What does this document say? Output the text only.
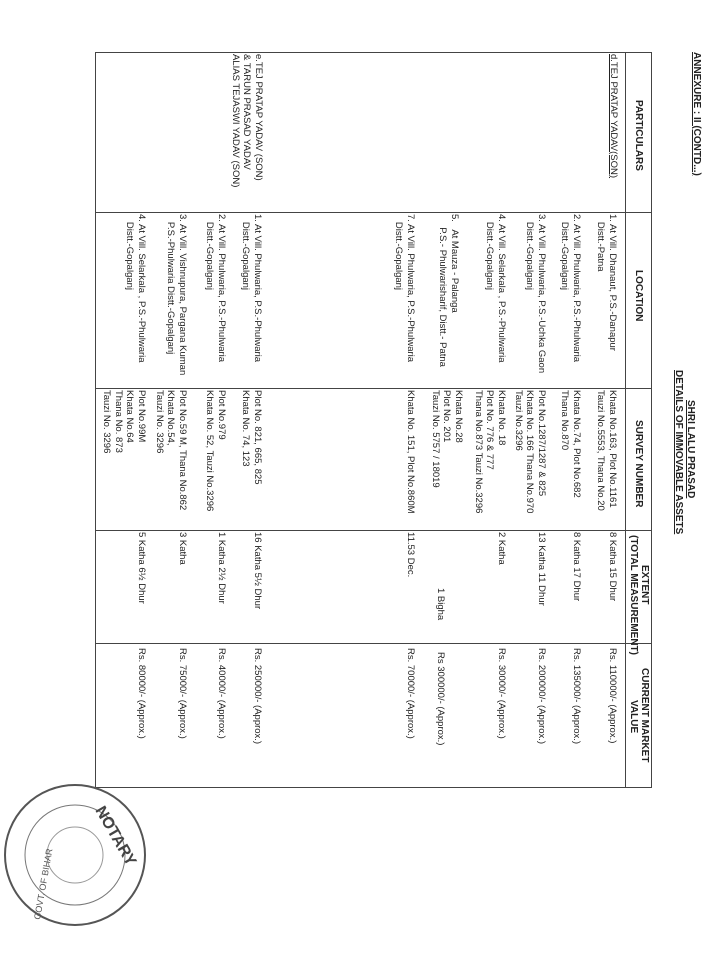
ANNEXURE : II (CONTD...)
SHRI LALU PRASAD
DETAILS OF IMMOVABLE ASSETS
PARTICULARS
LOCATION
SURVEY NUMBER
EXTENT
(TOTAL MEASUREMENT)
CURRENT MARKET
VALUE
d.TEJ PRATAP YADAV(SON)
e.TEJ PRATAP YADAV (SON)
& TARUN PRASAD YADAV
ALIAS TEJASWI YADAV (SON)
1. At Vill. Dhanaut, P.S.-Danapur
Distt.-Patna
Khata No.163, Plot No.1161
Tauzi No.5553, Thana No.20
8 Katha 15 Dhur
Rs. 110000/- (Approx.)
2. At Vill. Phulwaria, P.S.-Phulwaria
Distt.-Gopalganj
Khata No.74, Plot No.682
Thana No.870
8 Katha 17 Dhur
Rs. 135000/- (Approx.)
3. At Vill. Phulwaria, P.S.-Uchka Gaon
Distt.-Gopalganj
Plot No.1287/1287 & 825
Khata No. 166 Thana No.970
Tauzi No.3296
13 Katha 11 Dhur
Rs. 200000/- (Approx.)
4. At Vill. Selarkala , P.S.-Phulwaria
Distt.-Gopalganj
Khata No. 18
Plot No. 776 & 777
Thana No.873 Tauzi No.3296
2 Katha
Rs. 30000/- (Approx.)
5.   At Mauza - Palanga
P.S.- Phulwarisharif, Distt.- Patna
Khata No.28
Plot No. 201
Tauzi No. 5757 / 18019
1 Bigha
Rs 300000/- (Approx.)
7. At Vill. Phulwaria, P.S.-Phulwaria
Distt.-Gopalganj
Khata No. 151, Plot No.860M
11.53 Dec.
Rs. 70000/- (Approx.)
1. At Vill. Phulwaria, P.S.-Phulwaria
Distt.-Gopalganj
Plot No. 821, 665, 825
Khata No. 74, 123
16 Katha 5½ Dhur
Rs. 250000/- (Approx.)
2. At Vill. Phulwaria, P.S.-Phulwaria
Distt.-Gopalganj
Plot No.979
Khata No. 52, Tauzi No.3296
1 Katha 2½ Dhur
Rs. 40000/- (Approx.)
3. At Vill. Vishnupura, Pargana Kuman
P.S.-Phulwaria Distt.-Gopalganj
Plot No.59 M, Thana No.862
Khata No.54,
Tauzi No. 3296
3 Katha
Rs. 75000/- (Approx.)
4. At Vill. Selarkala , P.S.-Phulwaria
Distt.-Gopalganj
Plot No.99M
Khata No.64
Thana No. 873
Tauzi No. 3296
5 Katha 6½ Dhur
Rs. 80000/- (Approx.)
NOTARY
GOVT. OF BIHAR
